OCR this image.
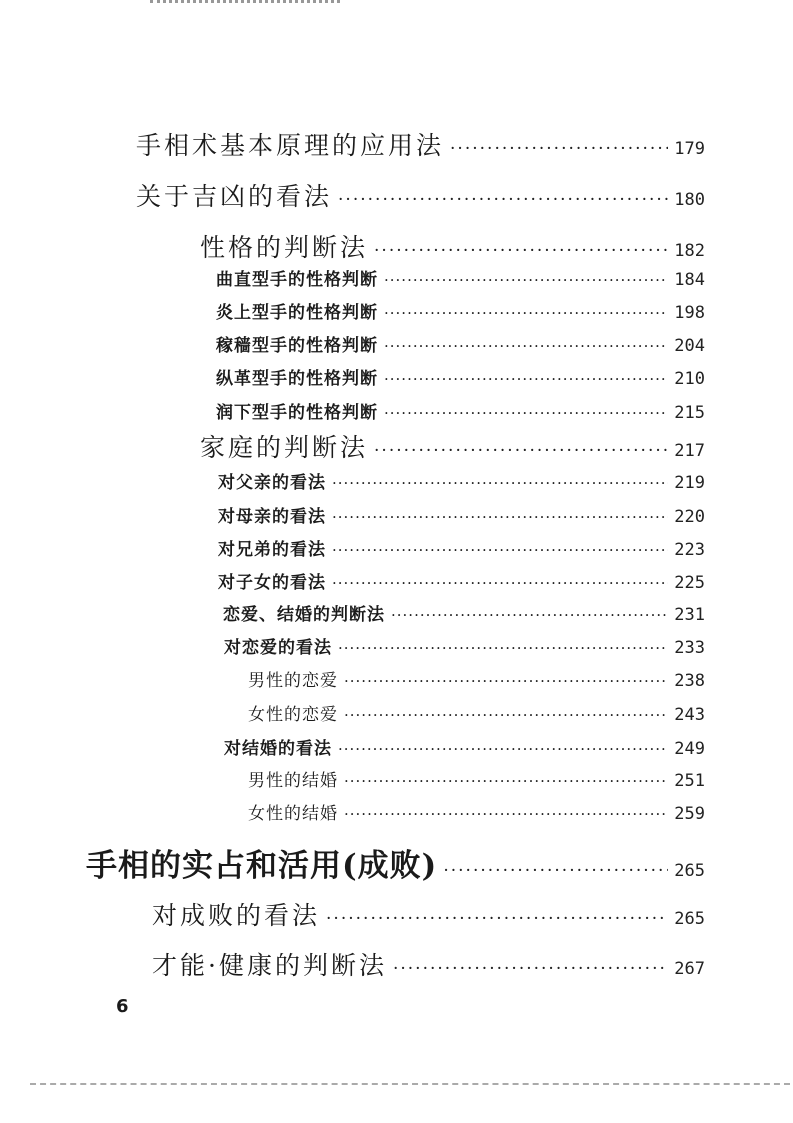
手相术基本原理的应用法 ·····	179
关于吉凶的看法 ·····	180
性格的判断法 ·····	182
曲直型手的性格判断 ·····	184
炎上型手的性格判断 ·····	198
稼穑型手的性格判断 ·····	204
纵革型手的性格判断 ·····	210
润下型手的性格判断 ·····	215
家庭的判断法 ·····	217
对父亲的看法 ·····	219
对母亲的看法 ·····	220
对兄弟的看法 ·····	223
对子女的看法 ·····	225
恋爱、结婚的判断法 ·····	231
对恋爱的看法 ·····	233
男性的恋爱 ·····	238
女性的恋爱 ·····	243
对结婚的看法 ·····	249
男性的结婚 ·····	251
女性的结婚 ·····	259
手相的实占和活用(成败) ·····	265
对成败的看法 ·····	265
才能·健康的判断法 ·····	267
6
